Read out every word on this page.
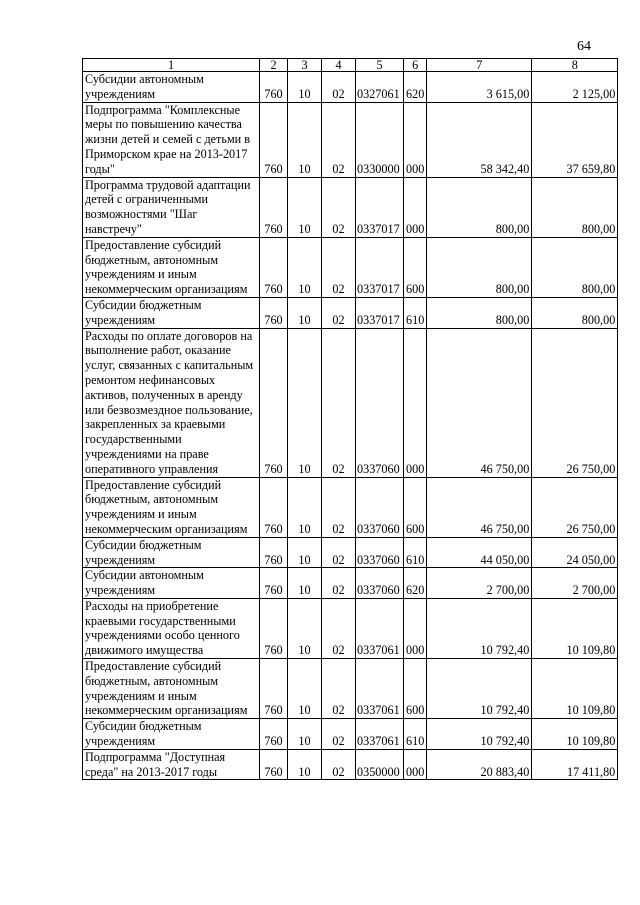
64
1	2	3	4	5	6	7	8
Субсидии автономным учреждениям	760	10	02	0327061	620	3 615,00	2 125,00
Подпрограмма "Комплексные меры по повышению качества жизни детей и семей с детьми в Приморском крае на 2013-2017 годы"	760	10	02	0330000	000	58 342,40	37 659,80
Программа трудовой адаптации детей с ограниченными возможностями "Шаг навстречу"	760	10	02	0337017	000	800,00	800,00
Предоставление субсидий бюджетным, автономным учреждениям и иным некоммерческим организациям	760	10	02	0337017	600	800,00	800,00
Субсидии бюджетным учреждениям	760	10	02	0337017	610	800,00	800,00
Расходы по оплате договоров на выполнение работ, оказание услуг, связанных с капитальным ремонтом нефинансовых активов, полученных в аренду или безвозмездное пользование, закрепленных за краевыми государственными учреждениями на праве оперативного управления	760	10	02	0337060	000	46 750,00	26 750,00
Предоставление субсидий бюджетным, автономным учреждениям и иным некоммерческим организациям	760	10	02	0337060	600	46 750,00	26 750,00
Субсидии бюджетным учреждениям	760	10	02	0337060	610	44 050,00	24 050,00
Субсидии автономным учреждениям	760	10	02	0337060	620	2 700,00	2 700,00
Расходы на приобретение краевыми государственными учреждениями особо ценного движимого имущества	760	10	02	0337061	000	10 792,40	10 109,80
Предоставление субсидий бюджетным, автономным учреждениям и иным некоммерческим организациям	760	10	02	0337061	600	10 792,40	10 109,80
Субсидии бюджетным учреждениям	760	10	02	0337061	610	10 792,40	10 109,80
Подпрограмма "Доступная среда" на 2013-2017 годы	760	10	02	0350000	000	20 883,40	17 411,80
